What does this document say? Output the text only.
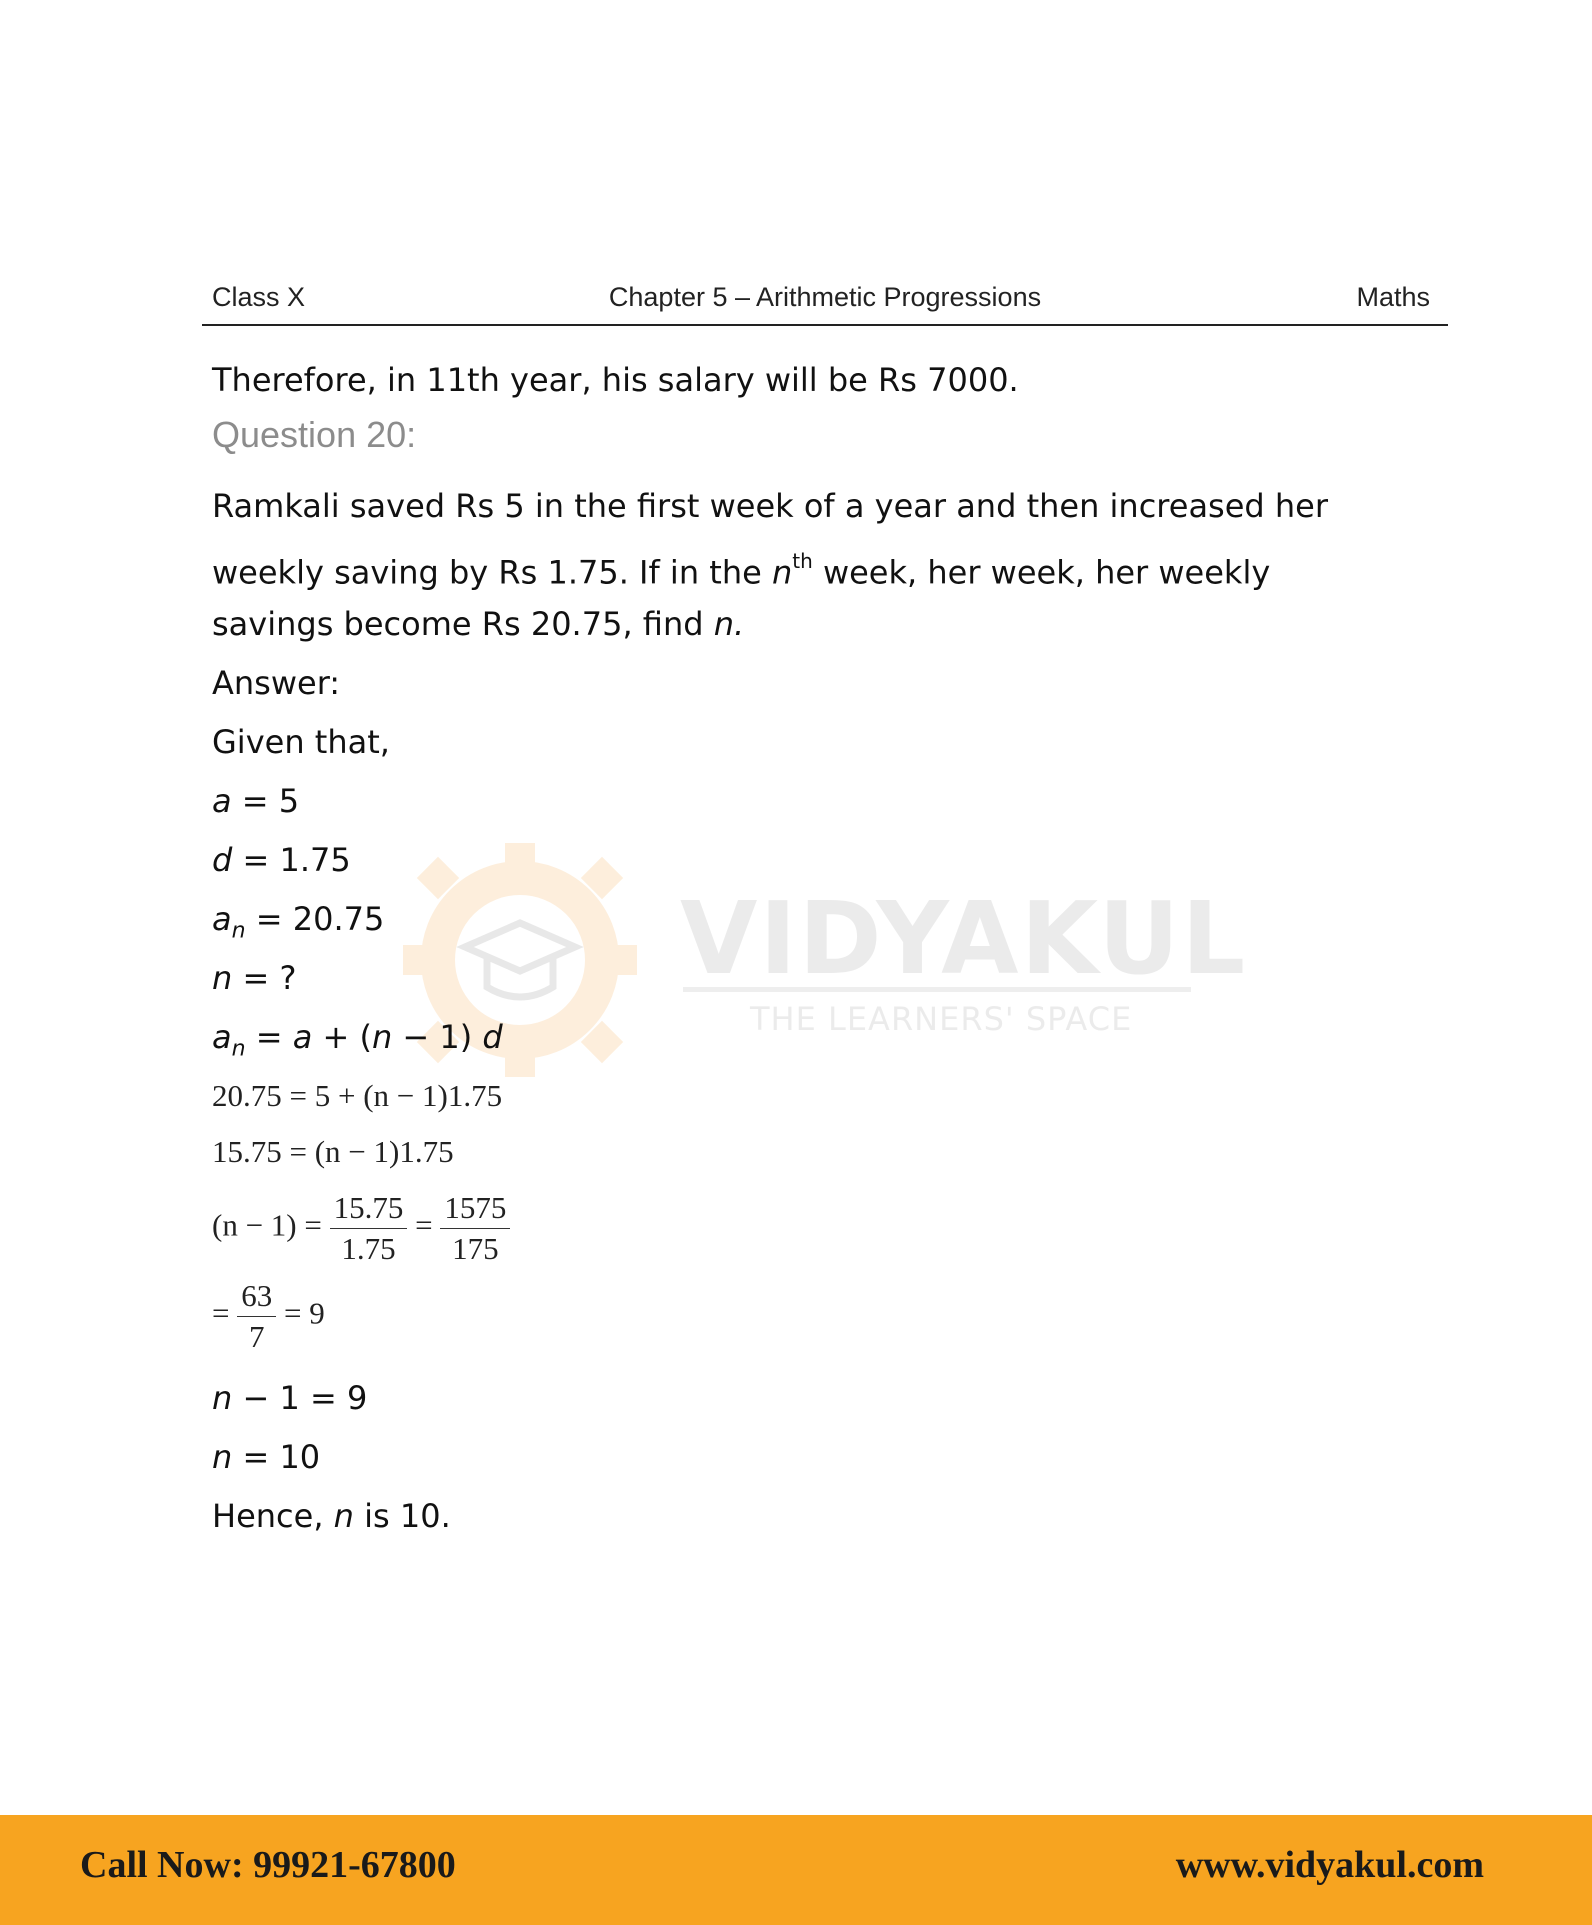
Class X	Chapter 5 – Arithmetic Progressions	Maths
VIDYAKUL
THE LEARNERS' SPACE
Therefore, in 11th year, his salary will be Rs 7000.
Question 20:
Ramkali saved Rs 5 in the first week of a year and then increased her
weekly saving by Rs 1.75. If in the $n^{th}$ week, her week, her weekly
savings become Rs 20.75, find n.
Answer:
Given that,
a = 5
d = 1.75
$a_n = 20.75$
n = ?
$a_n = a + (n - 1)$ d
20.75 = 5 + (n − 1)1.75
15.75 = (n − 1)1.75
$(n - 1) = \frac{15.75}{1.75} = \frac{1575}{175}$
= $\frac{63}{7} = 9$
n − 1 = 9
n = 10
Hence, n is 10.
Call Now: 99921-67800	www.vidyakul.com
